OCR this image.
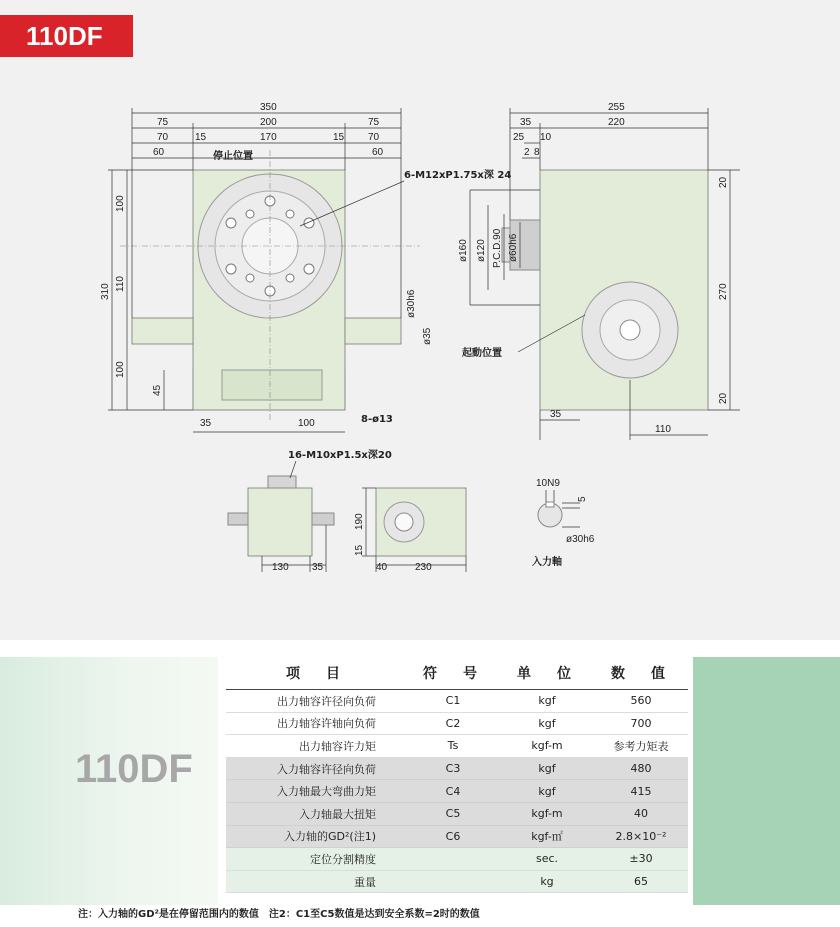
110DF
350
75	200	75
70	15	170	15 70
60	60
310
100
110
100
45
35	100
ø30h6
ø35
停止位置
6-M12xP1.75x深 24
8-ø13
255
35	220
25 10
2 8
ø160 ø120 P.C.D.90 ø60h6
20
270
20
35
110
起動位置
130 35
16-M10xP1.5x深20
190
15
40	230
10N9
5
ø30h6
入力軸
110DF
项　目	符　号	单　位	数　值
出力轴容许径向负荷	C1	kgf	560
出力轴容许轴向负荷	C2	kgf	700
出力轴容许力矩	Ts	kgf-m	参考力矩表
入力轴容许径向负荷	C3	kgf	480
入力轴最大弯曲力矩	C4	kgf	415
入力轴最大扭矩	C5	kgf-m	40
入力轴的GD²(注1)	C6	kgf-㎡	2.8×10⁻²
定位分割精度		sec.	±30
重量		kg	65
注：入力轴的GD²是在停留范围内的数值　注2：C1至C5数值是达到安全系数=2时的数值
